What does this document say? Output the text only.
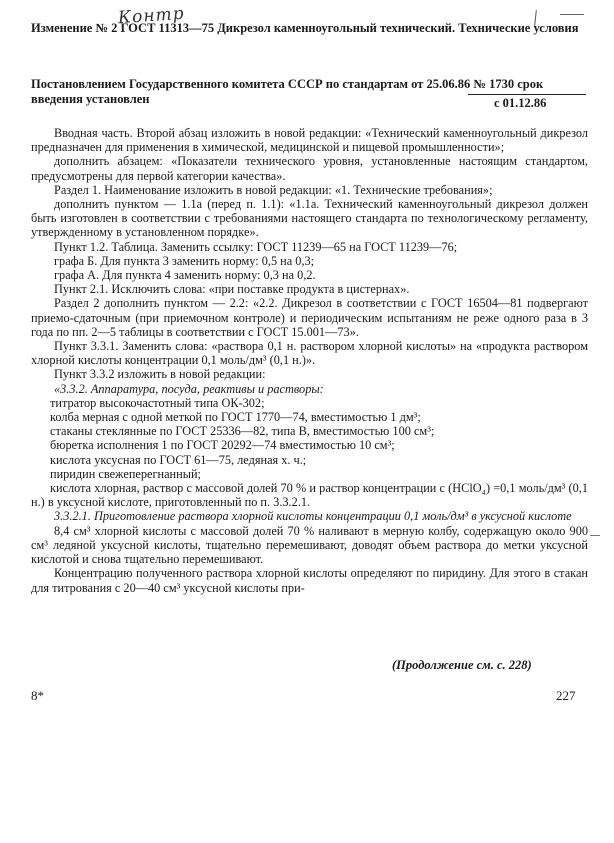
Контр

Изменение № 2 ГОСТ 11313—75 Дикрезол каменноугольный технический. Технические условия

Постановлением Государственного комитета СССР по стандартам от 25.06.86 № 1730 срок введения установлен	с 01.12.86

Вводная часть. Второй абзац изложить в новой редакции: «Технический каменноугольный дикрезол предназначен для применения в химической, медицинской и пищевой промышленности»;

дополнить абзацем: «Показатели технического уровня, установленные настоящим стандартом, предусмотрены для первой категории качества».

Раздел 1. Наименование изложить в новой редакции: «1. Технические требования»;

дополнить пунктом — 1.1а (перед п. 1.1): «1.1а. Технический каменноугольный дикрезол должен быть изготовлен в соответствии с требованиями настоящего стандарта по технологическому регламенту, утвержденному в установленном порядке».

Пункт 1.2. Таблица. Заменить ссылку: ГОСТ 11239—65 на ГОСТ 11239—76;

графа Б. Для пункта 3 заменить норму: 0,5 на 0,3;

графа А. Для пункта 4 заменить норму: 0,3 на 0,2.

Пункт 2.1. Исключить слова: «при поставке продукта в цистернах».

Раздел 2 дополнить пунктом — 2.2: «2.2. Дикрезол в соответствии с ГОСТ 16504—81 подвергают приемо-сдаточным (при приемочном контроле) и периодическим испытаниям не реже одного раза в 3 года по пп. 2—5 таблицы в соответствии с ГОСТ 15.001—73».

Пункт 3.3.1. Заменить слова: «раствора 0,1 н. раствором хлорной кислоты» на «продукта раствором хлорной кислоты концентрации 0,1 моль/дм³ (0,1 н.)».

Пункт 3.3.2 изложить в новой редакции:

«3.3.2. Аппаратура, посуда, реактивы и растворы:

титратор высокочастотный типа ОК-302;

колба мерная с одной меткой по ГОСТ 1770—74, вместимостью 1 дм³;

стаканы стеклянные по ГОСТ 25336—82, типа В, вместимостью 100 см³;

бюретка исполнения 1 по ГОСТ 20292—74 вместимостью 10 см³;

кислота уксусная по ГОСТ 61—75, ледяная х. ч.;

пиридин свежеперегнанный;

кислота хлорная, раствор с массовой долей 70 % и раствор концентрации с (HClO₄) =0,1 моль/дм³ (0,1 н.) в уксусной кислоте, приготовленный по п. 3.3.2.1.

3.3.2.1. Приготовление раствора хлорной кислоты концентрации 0,1 моль/дм³ в уксусной кислоте

8,4 см³ хлорной кислоты с массовой долей 70 % наливают в мерную колбу, содержащую около 900 см³ ледяной уксусной кислоты, тщательно перемешивают, доводят объем раствора до метки уксусной кислотой и снова тщательно перемешивают.

Концентрацию полученного раствора хлорной кислоты определяют по пиридину. Для этого в стакан для титрования с 20—40 см³ уксусной кислоты при-

(Продолжение см. с. 228)
8*	227
